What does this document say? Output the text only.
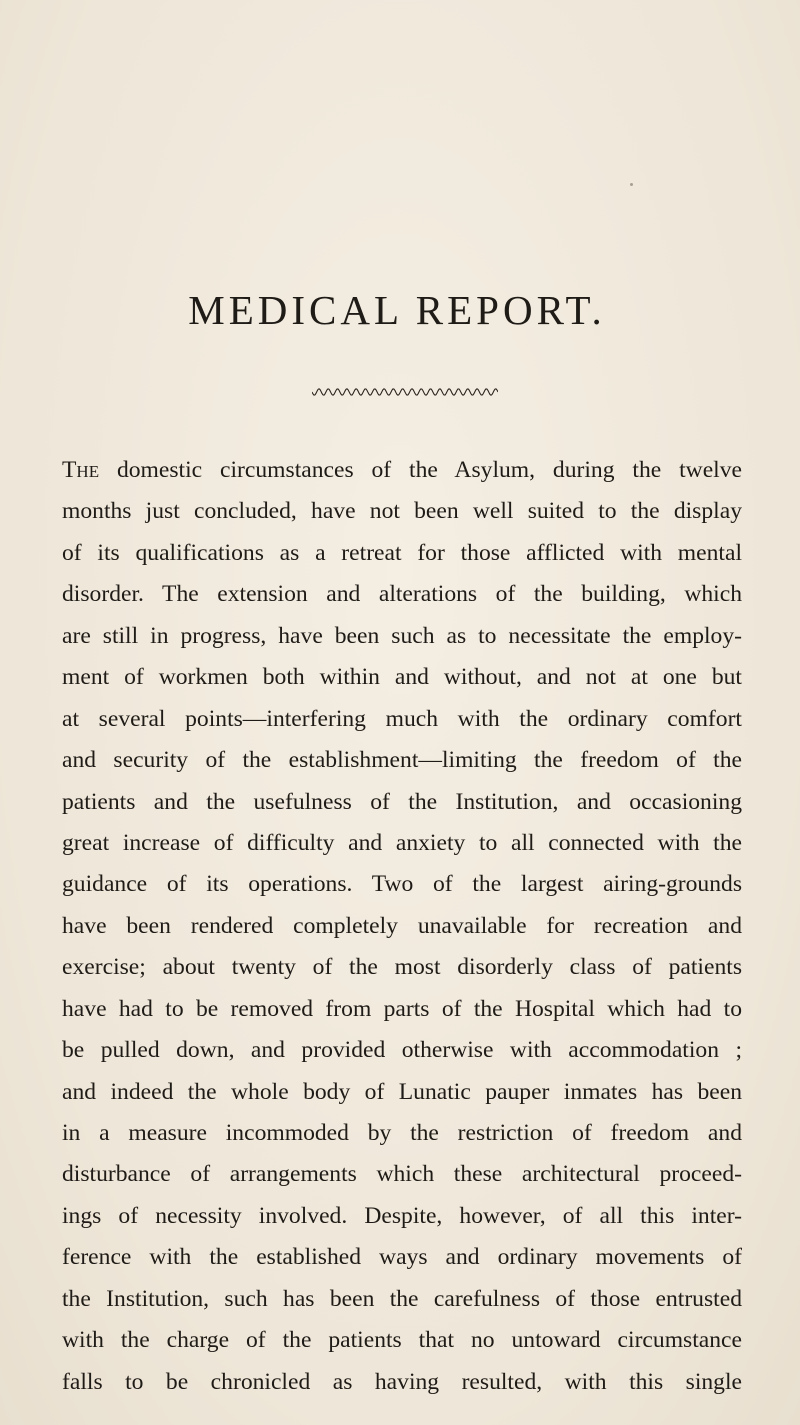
MEDICAL REPORT.
The domestic circumstances of the Asylum, during the twelve
months just concluded, have not been well suited to the display
of its qualifications as a retreat for those afflicted with mental
disorder. The extension and alterations of the building, which
are still in progress, have been such as to necessitate the employ-
ment of workmen both within and without, and not at one but
at several points—interfering much with the ordinary comfort
and security of the establishment—limiting the freedom of the
patients and the usefulness of the Institution, and occasioning
great increase of difficulty and anxiety to all connected with the
guidance of its operations. Two of the largest airing-grounds
have been rendered completely unavailable for recreation and
exercise; about twenty of the most disorderly class of patients
have had to be removed from parts of the Hospital which had to
be pulled down, and provided otherwise with accommodation ;
and indeed the whole body of Lunatic pauper inmates has been
in a measure incommoded by the restriction of freedom and
disturbance of arrangements which these architectural proceed-
ings of necessity involved. Despite, however, of all this inter-
ference with the established ways and ordinary movements of
the Institution, such has been the carefulness of those entrusted
with the charge of the patients that no untoward circumstance
falls to be chronicled as having resulted, with this single
